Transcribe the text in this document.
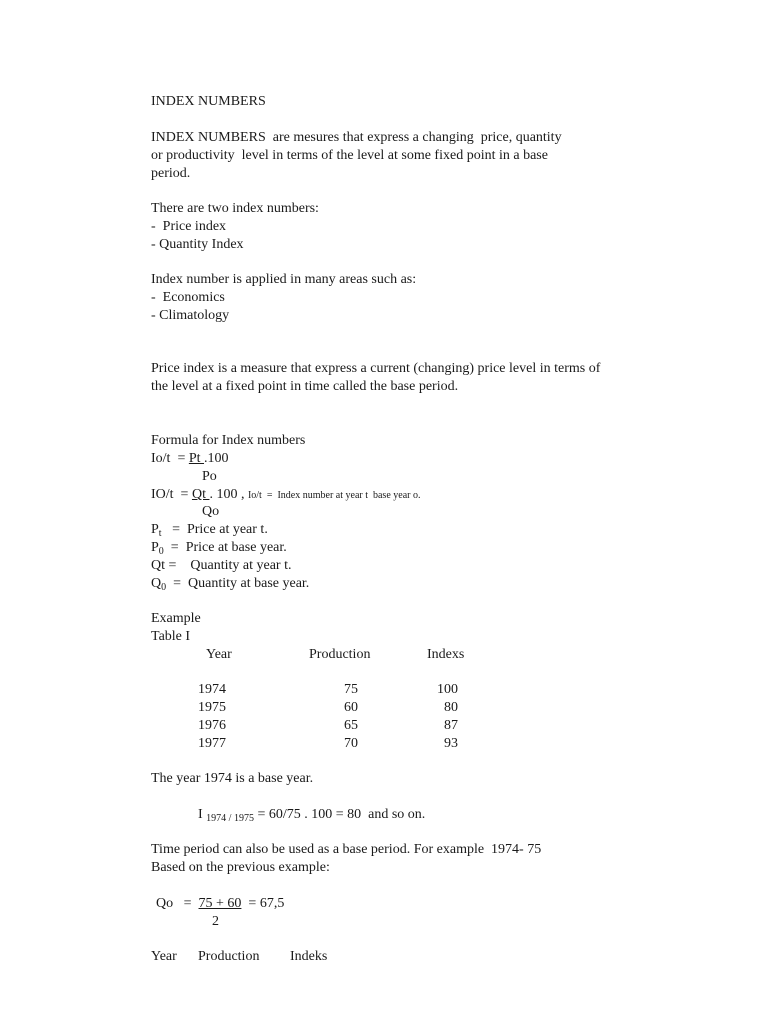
INDEX NUMBERS
INDEX NUMBERS  are mesures that express a changing  price, quantity
or productivity  level in terms of the level at some fixed point in a base
period.
There are two index numbers:
-  Price index
- Quantity Index
Index number is applied in many areas such as:
-  Economics
- Climatology
Price index is a measure that express a current (changing) price level in terms of
the level at a fixed point in time called the base period.
Formula for Index numbers
Io/t  = Pt .100
Po
IO/t  = Qt . 100 , Io/t  =  Index number at year t  base year o.
Qo
$P_t$   =  Price at year t.
$P_0$  =  Price at base year.
Qt =    Quantity at year t.
$Q_0$  =  Quantity at base year.
Example
Table I
Year	Production	Indexs
1974	75	100
1975	60	80
1976	65	87
1977	70	93
The year 1974 is a base year.
I $_{1974 / 1975}$ = 60/75 . 100 = 80  and so on.
Time period can also be used as a base period. For example  1974- 75
Based on the previous example:
Qo   =  75 + 60  = 67,5
2
Year Production Indeks
